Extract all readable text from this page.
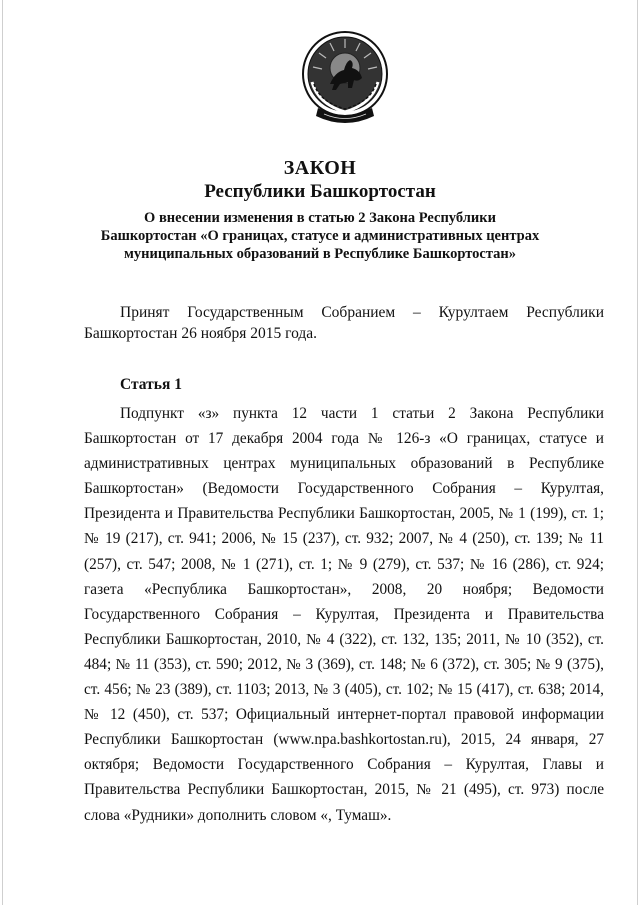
ЗАКОН
Республики Башкортостан
О внесении изменения в статью 2 Закона Республики Башкортостан «О границах, статусе и административных центрах муниципальных образований в Республике Башкортостан»
Принят Государственным Собранием – Курултаем Республики Башкортостан 26 ноября 2015 года.
Статья 1
Подпункт «з» пункта 12 части 1 статьи 2 Закона Республики Башкортостан от 17 декабря 2004 года № 126-з «О границах, статусе и административных центрах муниципальных образований в Республике Башкортостан» (Ведомости Государственного Собрания – Курултая, Президента и Правительства Республики Башкортостан, 2005, № 1 (199), ст. 1; № 19 (217), ст. 941; 2006, № 15 (237), ст. 932; 2007, № 4 (250), ст. 139; № 11 (257), ст. 547; 2008, № 1 (271), ст. 1; № 9 (279), ст. 537; № 16 (286), ст. 924; газета «Республика Башкортостан», 2008, 20 ноября; Ведомости Государственного Собрания – Курултая, Президента и Правительства Республики Башкортостан, 2010, № 4 (322), ст. 132, 135; 2011, № 10 (352), ст. 484; № 11 (353), ст. 590; 2012, № 3 (369), ст. 148; № 6 (372), ст. 305; № 9 (375), ст. 456; № 23 (389), ст. 1103; 2013, № 3 (405), ст. 102; № 15 (417), ст. 638; 2014, № 12 (450), ст. 537; Официальный интернет-портал правовой информации Республики Башкортостан (www.npa.bashkortostan.ru), 2015, 24 января, 27 октября; Ведомости Государственного Собрания – Курултая, Главы и Правительства Республики Башкортостан, 2015, № 21 (495), ст. 973) после слова «Рудники» дополнить словом «, Тумаш».
